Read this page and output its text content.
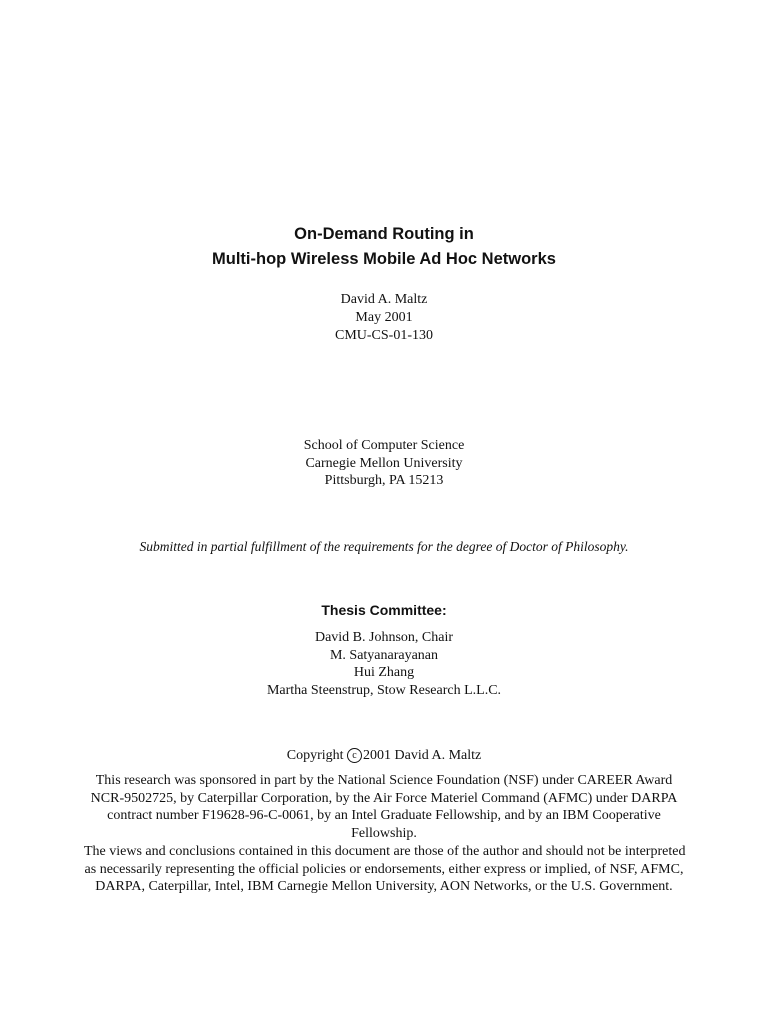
On-Demand Routing in
Multi-hop Wireless Mobile Ad Hoc Networks
David A. Maltz
May 2001
CMU-CS-01-130
School of Computer Science
Carnegie Mellon University
Pittsburgh, PA 15213
Submitted in partial fulfillment of the requirements for the degree of Doctor of Philosophy.
Thesis Committee:
David B. Johnson, Chair
M. Satyanarayanan
Hui Zhang
Martha Steenstrup, Stow Research L.L.C.
Copyright c 2001 David A. Maltz
This research was sponsored in part by the National Science Foundation (NSF) under CAREER Award
NCR-9502725, by Caterpillar Corporation, by the Air Force Materiel Command (AFMC) under DARPA
contract number F19628-96-C-0061, by an Intel Graduate Fellowship, and by an IBM Cooperative
Fellowship.
The views and conclusions contained in this document are those of the author and should not be interpreted
as necessarily representing the official policies or endorsements, either express or implied, of NSF, AFMC,
DARPA, Caterpillar, Intel, IBM Carnegie Mellon University, AON Networks, or the U.S. Government.
